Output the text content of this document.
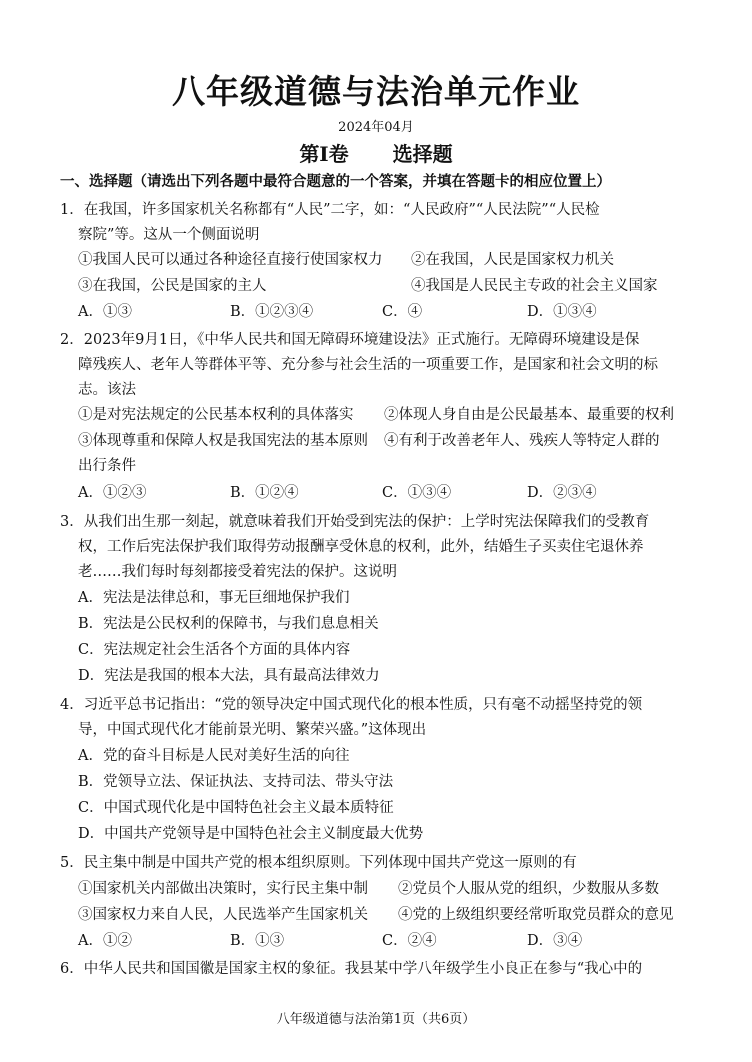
八年级道德与法治单元作业
2024年04月
第Ⅰ卷 选择题
一、选择题（请选出下列各题中最符合题意的一个答案，并填在答题卡的相应位置上）
1．在我国，许多国家机关名称都有“人民”二字，如：“人民政府”“人民法院”“人民检
察院”等。这从一个侧面说明
①我国人民可以通过各种途径直接行使国家权力 ②在我国，人民是国家权力机关
③在我国，公民是国家的主人	④我国是人民民主专政的社会主义国家
A．①③	B．①②③④	C．④	D．①③④
2．2023年9月1日，《中华人民共和国无障碍环境建设法》正式施行。无障碍环境建设是保
障残疾人、老年人等群体平等、充分参与社会生活的一项重要工作，是国家和社会文明的标
志。该法
①是对宪法规定的公民基本权利的具体落实 ②体现人身自由是公民最基本、最重要的权利
③体现尊重和保障人权是我国宪法的基本原则 ④有利于改善老年人、残疾人等特定人群的
出行条件
A．①②③	B．①②④	C．①③④	D．②③④
3．从我们出生那一刻起，就意味着我们开始受到宪法的保护：上学时宪法保障我们的受教育
权，工作后宪法保护我们取得劳动报酬享受休息的权利，此外，结婚生子买卖住宅退休养
老……我们每时每刻都接受着宪法的保护。这说明
A．宪法是法律总和，事无巨细地保护我们
B．宪法是公民权利的保障书，与我们息息相关
C．宪法规定社会生活各个方面的具体内容
D．宪法是我国的根本大法，具有最高法律效力
4．习近平总书记指出：“党的领导决定中国式现代化的根本性质，只有毫不动摇坚持党的领
导，中国式现代化才能前景光明、繁荣兴盛。”这体现出
A．党的奋斗目标是人民对美好生活的向往
B．党领导立法、保证执法、支持司法、带头守法
C．中国式现代化是中国特色社会主义最本质特征
D．中国共产党领导是中国特色社会主义制度最大优势
5．民主集中制是中国共产党的根本组织原则。下列体现中国共产党这一原则的有
①国家机关内部做出决策时，实行民主集中制 ②党员个人服从党的组织，少数服从多数
③国家权力来自人民，人民选举产生国家机关 ④党的上级组织要经常听取党员群众的意见
A．①②	B．①③	C．②④	D．③④
6．中华人民共和国国徽是国家主权的象征。我县某中学八年级学生小良正在参与“我心中的
八年级道德与法治第1页（共6页）
